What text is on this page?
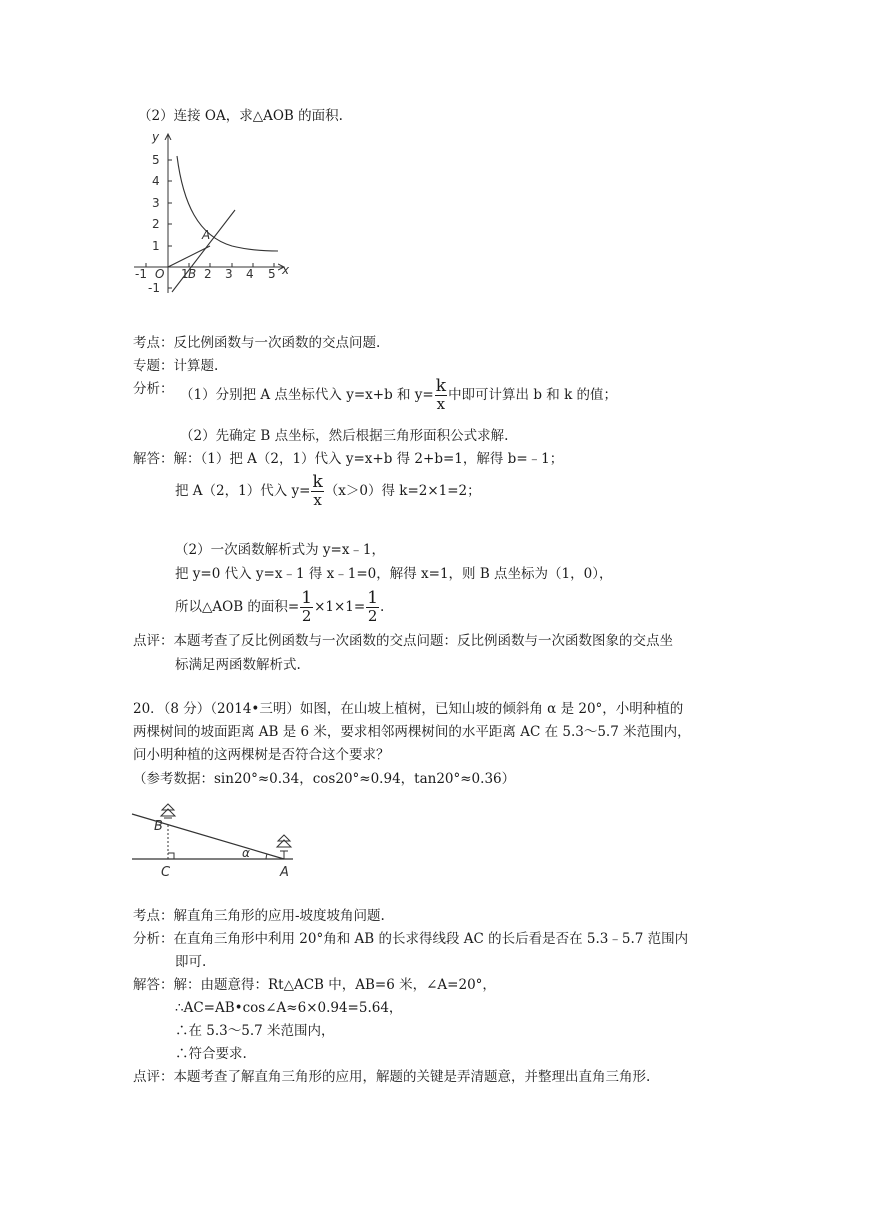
（2）连接 OA，求△AOB 的面积.
y
x
5
4
3
2
1
-1
-1 O 1 B 2 3 4 5
A
考点：反比例函数与一次函数的交点问题.
专题：计算题.
分析： （1）分别把 A 点坐标代入 y=x+b 和 $y= \frac{k}{x}$ 中即可计算出 b 和 k 的值；
（2）先确定 B 点坐标，然后根据三角形面积公式求解.
解答：解：（1）把 A（2，1）代入 y=x+b 得 2+b=1，解得 b=﹣1；
把 A（2，1）代入 $y= \frac{k}{x} (x>0)$得 k=2×1=2；
（2）一次函数解析式为 y=x﹣1，
把 y=0 代入 y=x﹣1 得 x﹣1=0，解得 x=1，则 B 点坐标为（1，0），
所以△AOB 的面积= $\frac{1}{2} \times 1\times 1= \frac{1}{2}$ .
点评：本题考查了反比例函数与一次函数的交点问题：反比例函数与一次函数图象的交点坐
标满足两函数解析式.
20．（8 分）（2014•三明）如图，在山坡上植树，已知山坡的倾斜角 α 是 20°，小明种植的
两棵树间的坡面距离 AB 是 6 米，要求相邻两棵树间的水平距离 AC 在 5.3～5.7 米范围内，
问小明种植的这两棵树是否符合这个要求？
（参考数据：sin20°≈0.34，cos20°≈0.94，tan20°≈0.36）
B
C	A
α
考点：解直角三角形的应用-坡度坡角问题.
分析：在直角三角形中利用 20°角和 AB 的长求得线段 AC 的长后看是否在 5.3﹣5.7 范围内
即可.
解答：解：由题意得：Rt△ACB 中，AB=6 米，∠A=20°，
∴AC=AB•cos∠A≈6×0.94=5.64，
∴在 5.3～5.7 米范围内，
∴符合要求.
点评：本题考查了解直角三角形的应用，解题的关键是弄清题意，并整理出直角三角形.
